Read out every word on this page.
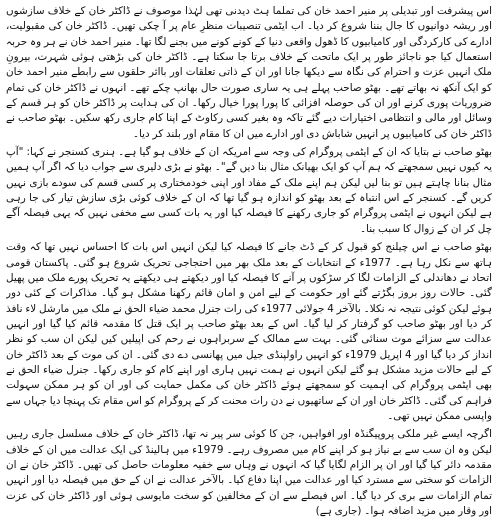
اس پیشرفت اور تبدیلی پر منیر احمد خان کی تملما ہٹ دیدنی تھی لہٰذا موصوف نے ڈاکٹر خان کے خلاف سازشوں اور ریشہ دوانیوں کا جال بننا شروع کر دیا۔ اب ایٹمی تنصیبات منظرِ عام پر آ چکی تھیں۔ ڈاکٹر خان کی مقبولیت، ادارے کی کارکردگی اور کامیابیوں کا ڈھول واقعی دنیا کے کونے کونے میں بجنے لگا تھا۔ منیر احمد خان نے ہر وہ حربہ استعمال کیا جو ناجائز طور پر ایک ماتحت کے خلاف برتا جا سکتا ہے۔ ڈاکٹر خان کی بڑھتی ہوئی شہرت، بیرونِ ملک انہیں عزت و احترام کی نگاہ سے دیکھا جانا اور ان کے ذاتی تعلقات اور بااثر حلقوں سے رابطے منیر احمد خان کو ایک آنکھ نہ بھاتے تھے۔ بھٹو صاحب پہلے ہی یہ ساری صورت حال بھانپ چکے تھے۔ انہوں نے ڈاکٹر خان کی تمام ضروریات پوری کرنے اور ان کی حوصلہ افزائی کا پورا پورا خیال رکھا۔ ان کی ہدایت پر ڈاکٹر خان کو ہر قسم کے وسائل اور مالی و انتظامی اختیارات دیے گئے تاکہ وہ بغیر کسی رکاوٹ کے اپنا کام جاری رکھ سکیں۔ بھٹو صاحب نے ڈاکٹر خان کی کامیابیوں پر انہیں شاباش دی اور ادارے میں ان کا مقام اور بلند کر دیا۔

بھٹو صاحب نے بتایا کہ ان کے ایٹمی پروگرام کی وجہ سے امریکہ ان کے خلاف ہو گیا ہے۔ ہنری کسنجر نے کہا: "آپ یہ کیوں نہیں سمجھتے کہ ہم آپ کو ایک بھیانک مثال بنا دیں گے"۔ بھٹو نے بڑی دلیری سے جواب دیا کہ اگر آپ ہمیں مثال بنانا چاہتے ہیں تو بنا لیں لیکن ہم اپنے ملک کے مفاد اور اپنی خودمختاری پر کسی قسم کی سودے بازی نہیں کریں گے۔ کسنجر کے اس انتباہ کے بعد بھٹو کو اندازہ ہو گیا تھا کہ ان کے خلاف کوئی بڑی سازش تیار کی جا رہی ہے لیکن انہوں نے ایٹمی پروگرام کو جاری رکھنے کا فیصلہ کیا اور یہ بات کسی سے مخفی نہیں کہ یہی فیصلہ آگے چل کر ان کے زوال کا سبب بنا۔

بھٹو صاحب نے اس چیلنج کو قبول کر کے ڈٹ جانے کا فیصلہ کیا لیکن انہیں اس بات کا احساس نہیں تھا کہ وقت ہاتھ سے نکل رہا ہے۔ 1977ء کے انتخابات کے بعد ملک بھر میں احتجاجی تحریک شروع ہو گئی۔ پاکستان قومی اتحاد نے دھاندلی کے الزامات لگا کر سڑکوں پر آنے کا فیصلہ کیا اور دیکھتے ہی دیکھتے یہ تحریک پورے ملک میں پھیل گئی۔ حالات روز بروز بگڑتے گئے اور حکومت کے لیے امن و امان قائم رکھنا مشکل ہو گیا۔ مذاکرات کے کئی دور ہوئے لیکن کوئی نتیجہ نہ نکلا۔ بالآخر 4 جولائی 1977ء کی رات جنرل محمد ضیاء الحق نے ملک میں مارشل لاء نافذ کر دیا اور بھٹو صاحب کو گرفتار کر لیا گیا۔ اس کے بعد بھٹو صاحب پر ایک قتل کا مقدمہ قائم کیا گیا اور انہیں عدالت سے سزائے موت سنائی گئی۔ بہت سے ممالک کے سربراہوں نے رحم کی اپیلیں کیں لیکن ان سب کو نظر انداز کر دیا گیا اور 4 اپریل 1979ء کو انہیں راولپنڈی جیل میں پھانسی دے دی گئی۔ ان کی موت کے بعد ڈاکٹر خان کے لیے حالات مزید مشکل ہو گئے لیکن انہوں نے ہمت نہیں ہاری اور اپنے کام کو جاری رکھا۔ جنرل ضیاء الحق نے بھی ایٹمی پروگرام کی اہمیت کو سمجھتے ہوئے ڈاکٹر خان کی مکمل حمایت کی اور ان کو ہر ممکن سہولت فراہم کی گئی۔ ڈاکٹر خان اور ان کے ساتھیوں نے دن رات محنت کر کے پروگرام کو اس مقام تک پہنچا دیا جہاں سے واپسی ممکن نہیں تھی۔

اگرچہ ایسے غیر ملکی پروپیگنڈہ اور افواہیں، جن کا کوئی سر پیر نہ تھا، ڈاکٹر خان کے خلاف مسلسل جاری رہیں لیکن وہ ان سب سے بے نیاز ہو کر اپنے کام میں مصروف رہے۔ 1979ء میں ہالینڈ کی ایک عدالت میں ان کے خلاف مقدمہ دائر کیا گیا اور ان پر الزام لگایا گیا کہ انہوں نے وہاں سے خفیہ معلومات حاصل کی تھیں۔ ڈاکٹر خان نے ان الزامات کو سختی سے مسترد کیا اور عدالت میں اپنا دفاع کیا۔ بالآخر عدالت نے ان کے حق میں فیصلہ دیا اور انہیں تمام الزامات سے بری کر دیا گیا۔ اس فیصلے سے ان کے مخالفین کو سخت مایوسی ہوئی اور ڈاکٹر خان کی عزت اور وقار میں مزید اضافہ ہوا۔ (جاری ہے)
